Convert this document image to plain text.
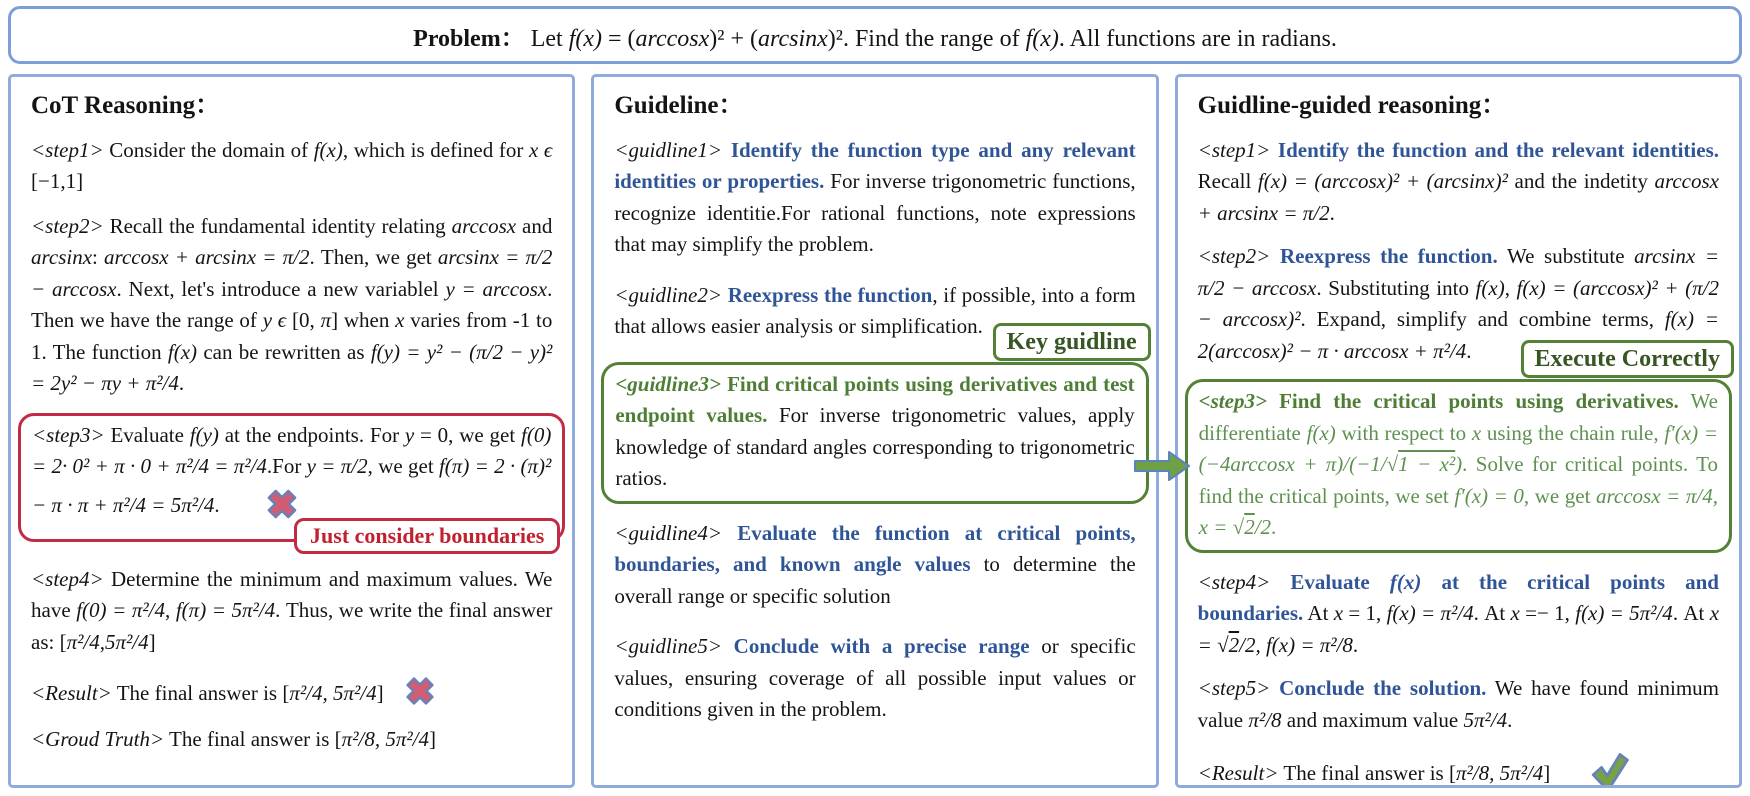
Problem： Let f(x) = (arccosx)² + (arcsinx)². Find the range of f(x). All functions are in radians.

CoT Reasoning：

<step1> Consider the domain of f(x), which is defined for x ϵ [−1,1]

<step2> Recall the fundamental identity relating arccosx and arcsinx: arccosx + arcsinx = π/2. Then, we get arcsinx = π/2 − arccosx. Next, let's introduce a new variablel y = arccosx. Then we have the range of y ϵ [0, π] when x varies from -1 to 1. The function f(x) can be rewritten as f(y) = y² − (π/2 − y)² = 2y² − πy + π²/4.

<step3> Evaluate f(y) at the endpoints. For y = 0, we get f(0) = 2· 0² + π · 0 + π²/4 = π²/4.For y = π/2, we get f(π) = 2 · (π)² − π · π + π²/4 = 5π²/4.

Just consider boundaries

<step4> Determine the minimum and maximum values. We have f(0) = π²/4, f(π) = 5π²/4. Thus, we write the final answer as: [π²/4,5π²/4]

<Result> The final answer is [π²/4, 5π²/4]

<Groud Truth> The final answer is [π²/8, 5π²/4]

Guideline：

<guidline1> Identify the function type and any relevant identities or properties. For inverse trigonometric functions, recognize identitie.For rational functions, note expressions that may simplify the problem.

<guidline2> Reexpress the function, if possible, into a form that allows easier analysis or simplification.

Key guidline

<guidline3> Find critical points using derivatives and test endpoint values. For inverse trigonometric values, apply knowledge of standard angles corresponding to trigonometric ratios.

<guidline4> Evaluate the function at critical points, boundaries, and known angle values to determine the overall range or specific solution

<guidline5> Conclude with a precise range or specific values, ensuring coverage of all possible input values or conditions given in the problem.

Guidline-guided reasoning：

<step1> Identify the function and the relevant identities. Recall f(x) = (arccosx)² + (arcsinx)² and the indetity arccosx + arcsinx = π/2.

<step2> Reexpress the function. We substitute arcsinx = π/2 − arccosx. Substituting into f(x), f(x) = (arccosx)² + (π/2 − arccosx)². Expand, simplify and combine terms, f(x) = 2(arccosx)² − π · arccosx + π²/4.	Execute Correctly

<step3> Find the critical points using derivatives. We differentiate f(x) with respect to x using the chain rule, f′(x) = (−4arccosx + π)/(−1/√1 − x²). Solve for critical points. To find the critical points, we set f′(x) = 0, we get arccosx = π/4, x = √2/2.

<step4> Evaluate f(x) at the critical points and boundaries. At x = 1, f(x) = π²/4. At x =− 1, f(x) = 5π²/4. At x = √2/2, f(x) = π²/8.

<step5> Conclude the solution. We have found minimum value π²/8 and maximum value 5π²/4.

<Result> The final answer is [π²/8, 5π²/4]
